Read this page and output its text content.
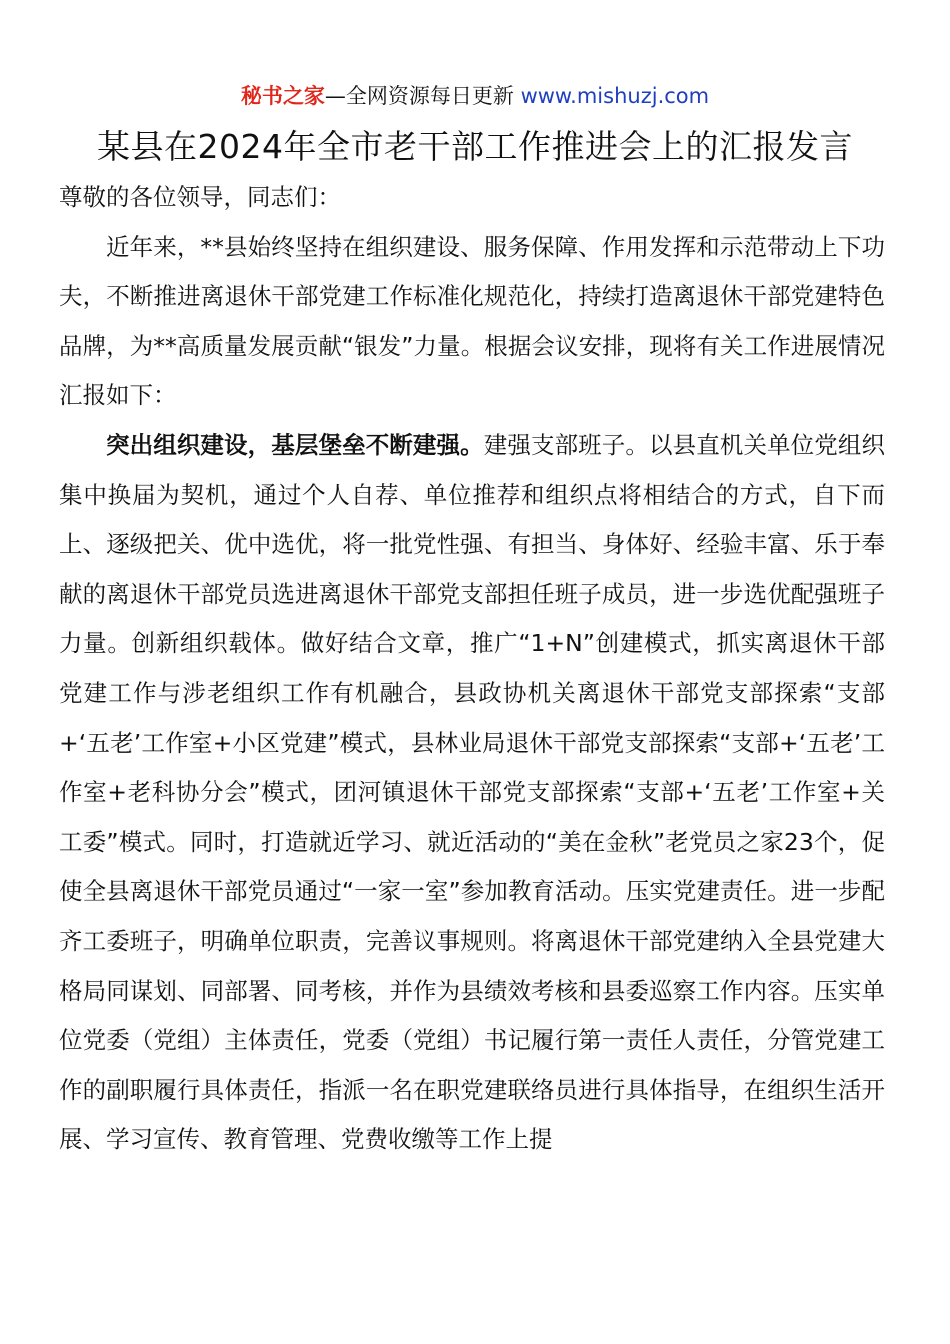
秘书之家—全网资源每日更新 www.mishuzj.com
某县在2024年全市老干部工作推进会上的汇报发言

尊敬的各位领导，同志们：

近年来，**县始终坚持在组织建设、服务保障、作用发挥和示范带动上下功夫，不断推进离退休干部党建工作标准化规范化，持续打造离退休干部党建特色品牌，为**高质量发展贡献“银发”力量。根据会议安排，现将有关工作进展情况汇报如下：

突出组织建设，基层堡垒不断建强。建强支部班子。以县直机关单位党组织集中换届为契机，通过个人自荐、单位推荐和组织点将相结合的方式，自下而上、逐级把关、优中选优，将一批党性强、有担当、身体好、经验丰富、乐于奉献的离退休干部党员选进离退休干部党支部担任班子成员，进一步选优配强班子力量。创新组织载体。做好结合文章，推广“1+N”创建模式，抓实离退休干部党建工作与涉老组织工作有机融合，县政协机关离退休干部党支部探索“支部+‘五老’工作室+小区党建”模式，县林业局退休干部党支部探索“支部+‘五老’工作室+老科协分会”模式，团河镇退休干部党支部探索“支部+‘五老’工作室+关工委”模式。同时，打造就近学习、就近活动的“美在金秋”老党员之家23个，促使全县离退休干部党员通过“一家一室”参加教育活动。压实党建责任。进一步配齐工委班子，明确单位职责，完善议事规则。将离退休干部党建纳入全县党建大格局同谋划、同部署、同考核，并作为县绩效考核和县委巡察工作内容。压实单位党委（党组）主体责任，党委（党组）书记履行第一责任人责任，分管党建工作的副职履行具体责任，指派一名在职党建联络员进行具体指导，在组织生活开展、学习宣传、教育管理、党费收缴等工作上提
